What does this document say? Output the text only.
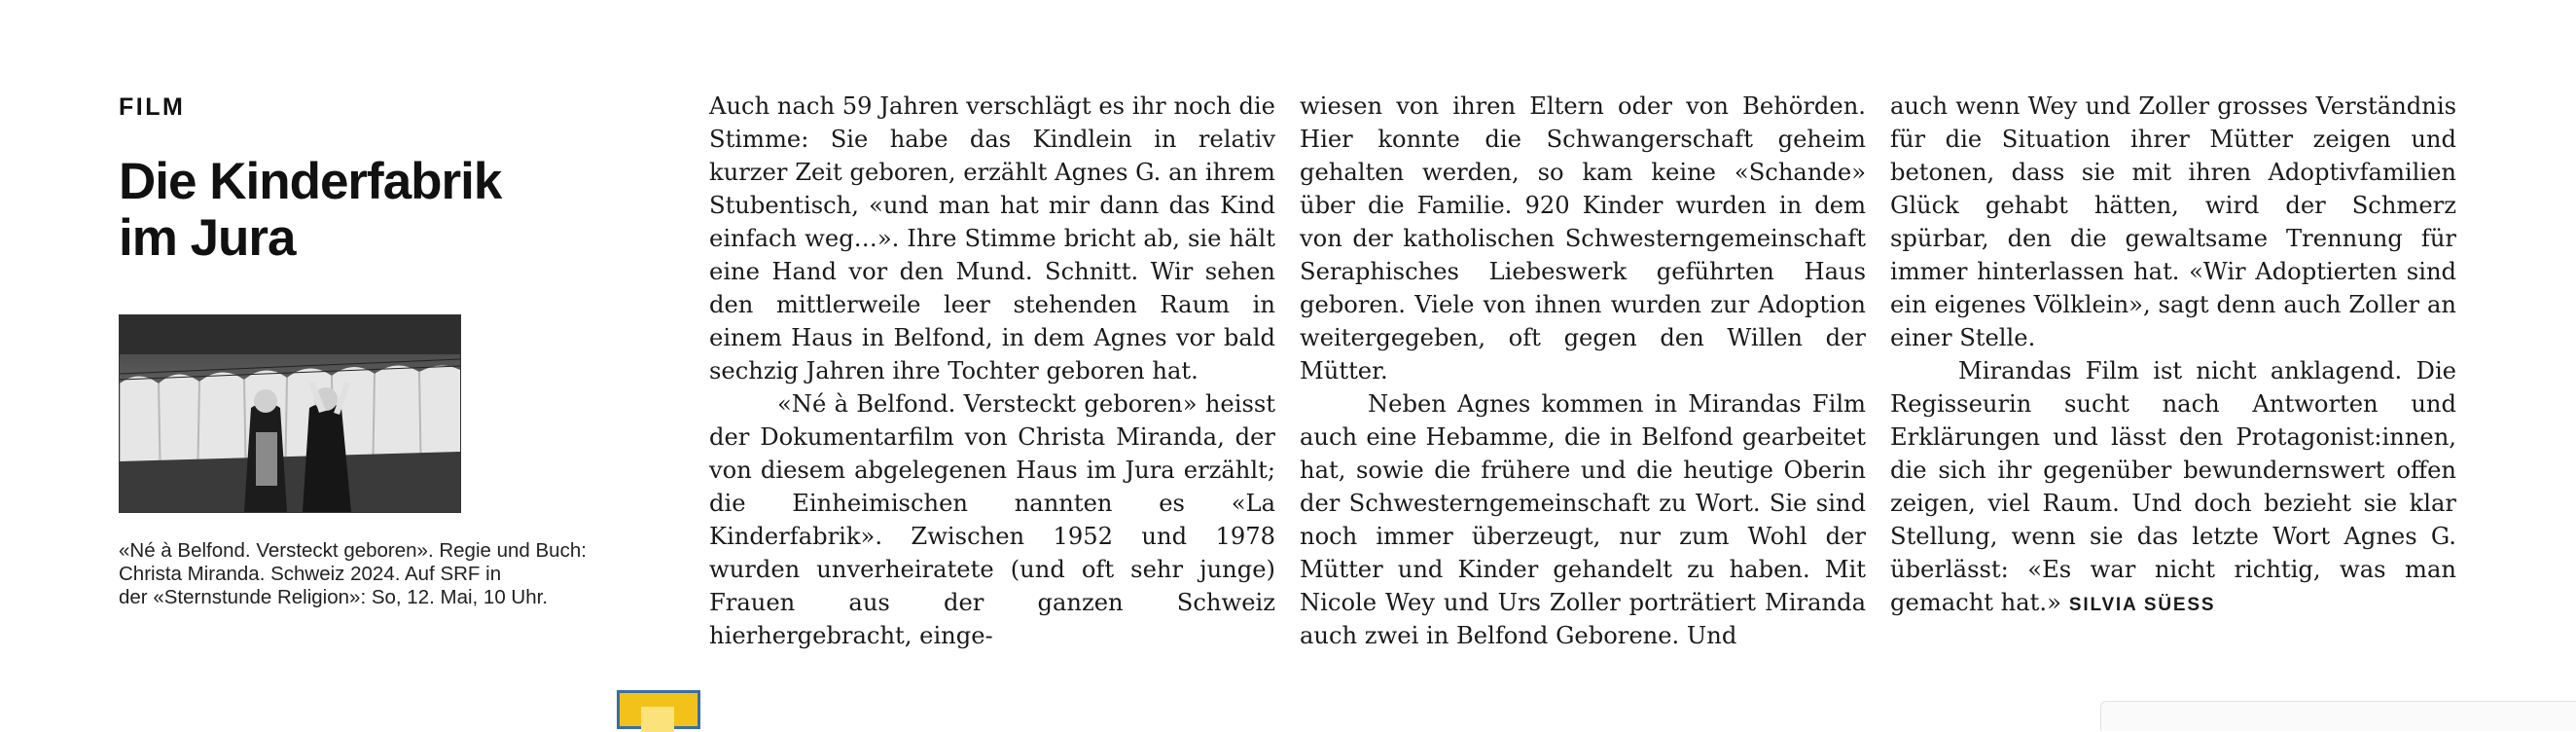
FILM

Die Kinderfabrik
im Jura

«Né à Belfond. Versteckt geboren». Regie und Buch:

Christa Miranda. Schweiz 2024. Auf SRF in

der «Sternstunde Religion»: So, 12. Mai, 10 Uhr.

Auch nach 59 Jahren verschlägt es ihr noch die Stimme: Sie habe das Kindlein in relativ kurzer Zeit geboren, erzählt Agnes G. an ihrem Stubentisch, «und man hat mir dann das Kind einfach weg…». Ihre Stimme bricht ab, sie hält eine Hand vor den Mund. Schnitt. Wir sehen den mittlerweile leer stehenden Raum in einem Haus in Belfond, in dem Agnes vor bald sechzig Jahren ihre Tochter geboren hat.

«Né à Belfond. Versteckt geboren» heisst der Dokumentarfilm von Christa Miranda, der von diesem abgelegenen Haus im Jura erzählt; die Einheimischen nannten es «La Kinderfabrik». Zwischen 1952 und 1978 wurden unverheiratete (und oft sehr junge) Frauen aus der ganzen Schweiz hierhergebracht, einge-

wiesen von ihren Eltern oder von Behörden. Hier konnte die Schwangerschaft geheim gehalten werden, so kam keine «Schande» über die Familie. 920 Kinder wurden in dem von der katholischen Schwesterngemeinschaft Seraphisches Liebeswerk geführten Haus geboren. Viele von ihnen wurden zur Adoption weitergegeben, oft gegen den Willen der Mütter.

Neben Agnes kommen in Mirandas Film auch eine Hebamme, die in Belfond gearbeitet hat, sowie die frühere und die heutige Oberin der Schwesterngemeinschaft zu Wort. Sie sind noch immer überzeugt, nur zum Wohl der Mütter und Kinder gehandelt zu haben. Mit Nicole Wey und Urs Zoller porträtiert Miranda auch zwei in Belfond Geborene. Und

auch wenn Wey und Zoller grosses Verständnis für die Situation ihrer Mütter zeigen und betonen, dass sie mit ihren Adoptivfamilien Glück gehabt hätten, wird der Schmerz spürbar, den die gewaltsame Trennung für immer hinterlassen hat. «Wir Adoptierten sind ein eigenes Völklein», sagt denn auch Zoller an einer Stelle.

Mirandas Film ist nicht anklagend. Die Regisseurin sucht nach Antworten und Erklärungen und lässt den Protagonist:innen, die sich ihr gegenüber bewundernswert offen zeigen, viel Raum. Und doch bezieht sie klar Stellung, wenn sie das letzte Wort Agnes G. überlässt: «Es war nicht richtig, was man gemacht hat.» SILVIA SÜESS
